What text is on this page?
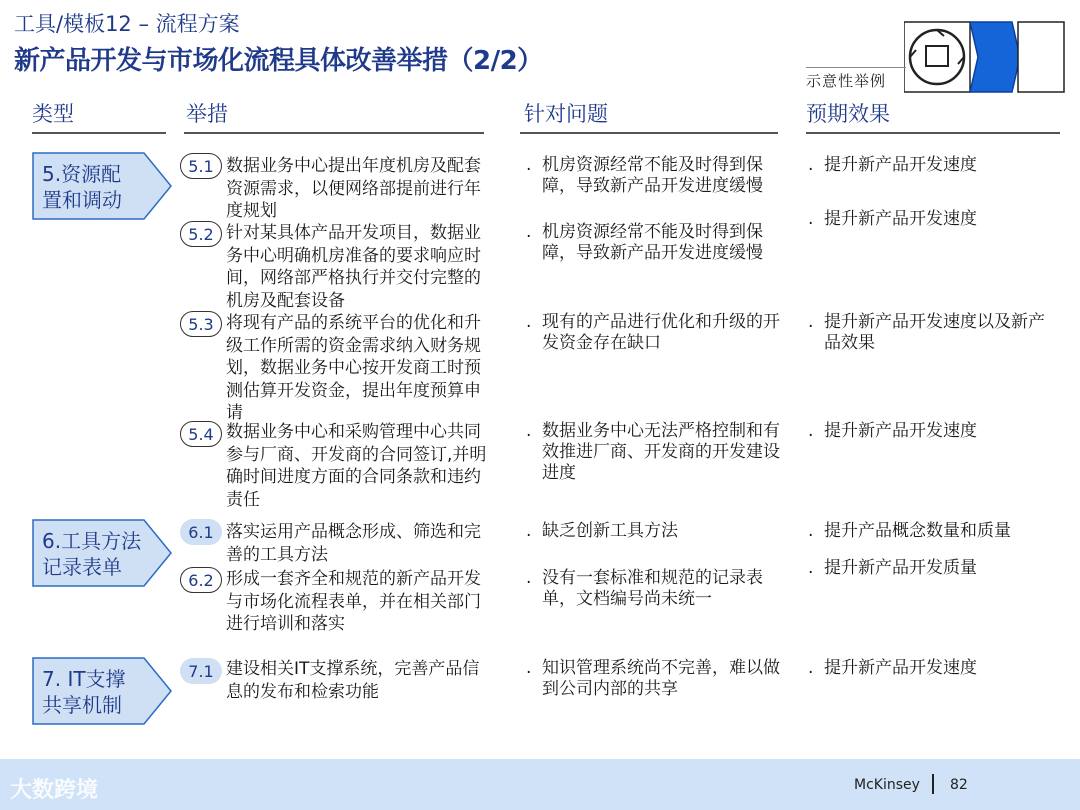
工具/模板12 – 流程方案
新产品开发与市场化流程具体改善举措（2/2）
示意性举例
类型	举措	针对问题	预期效果
5.资源配
置和调动
5.1 数据业务中心提出年度机房及配套资源需求，以便网络部提前进行年度规划
. 机房资源经常不能及时得到保障，导致新产品开发进度缓慢
. 提升新产品开发速度
5.2 针对某具体产品开发项目，数据业务中心明确机房准备的要求响应时间，网络部严格执行并交付完整的机房及配套设备
. 机房资源经常不能及时得到保障，导致新产品开发进度缓慢
. 提升新产品开发速度
5.3 将现有产品的系统平台的优化和升级工作所需的资金需求纳入财务规划，数据业务中心按开发商工时预测估算开发资金，提出年度预算申请
. 现有的产品进行优化和升级的开发资金存在缺口
. 提升新产品开发速度以及新产品效果
5.4 数据业务中心和采购管理中心共同参与厂商、开发商的合同签订,并明确时间进度方面的合同条款和违约责任
. 数据业务中心无法严格控制和有效推进厂商、开发商的开发建设进度
. 提升新产品开发速度
6.工具方法
记录表单
6.1 落实运用产品概念形成、筛选和完善的工具方法
. 缺乏创新工具方法	. 提升产品概念数量和质量
6.2 形成一套齐全和规范的新产品开发与市场化流程表单，并在相关部门进行培训和落实
. 没有一套标准和规范的记录表单，文档编号尚未统一
. 提升新产品开发质量
7. IT支撑
共享机制
7.1 建设相关IT支撑系统，完善产品信息的发布和检索功能
. 知识管理系统尚不完善，难以做到公司内部的共享
. 提升新产品开发速度
大数跨境	McKinsey 82
